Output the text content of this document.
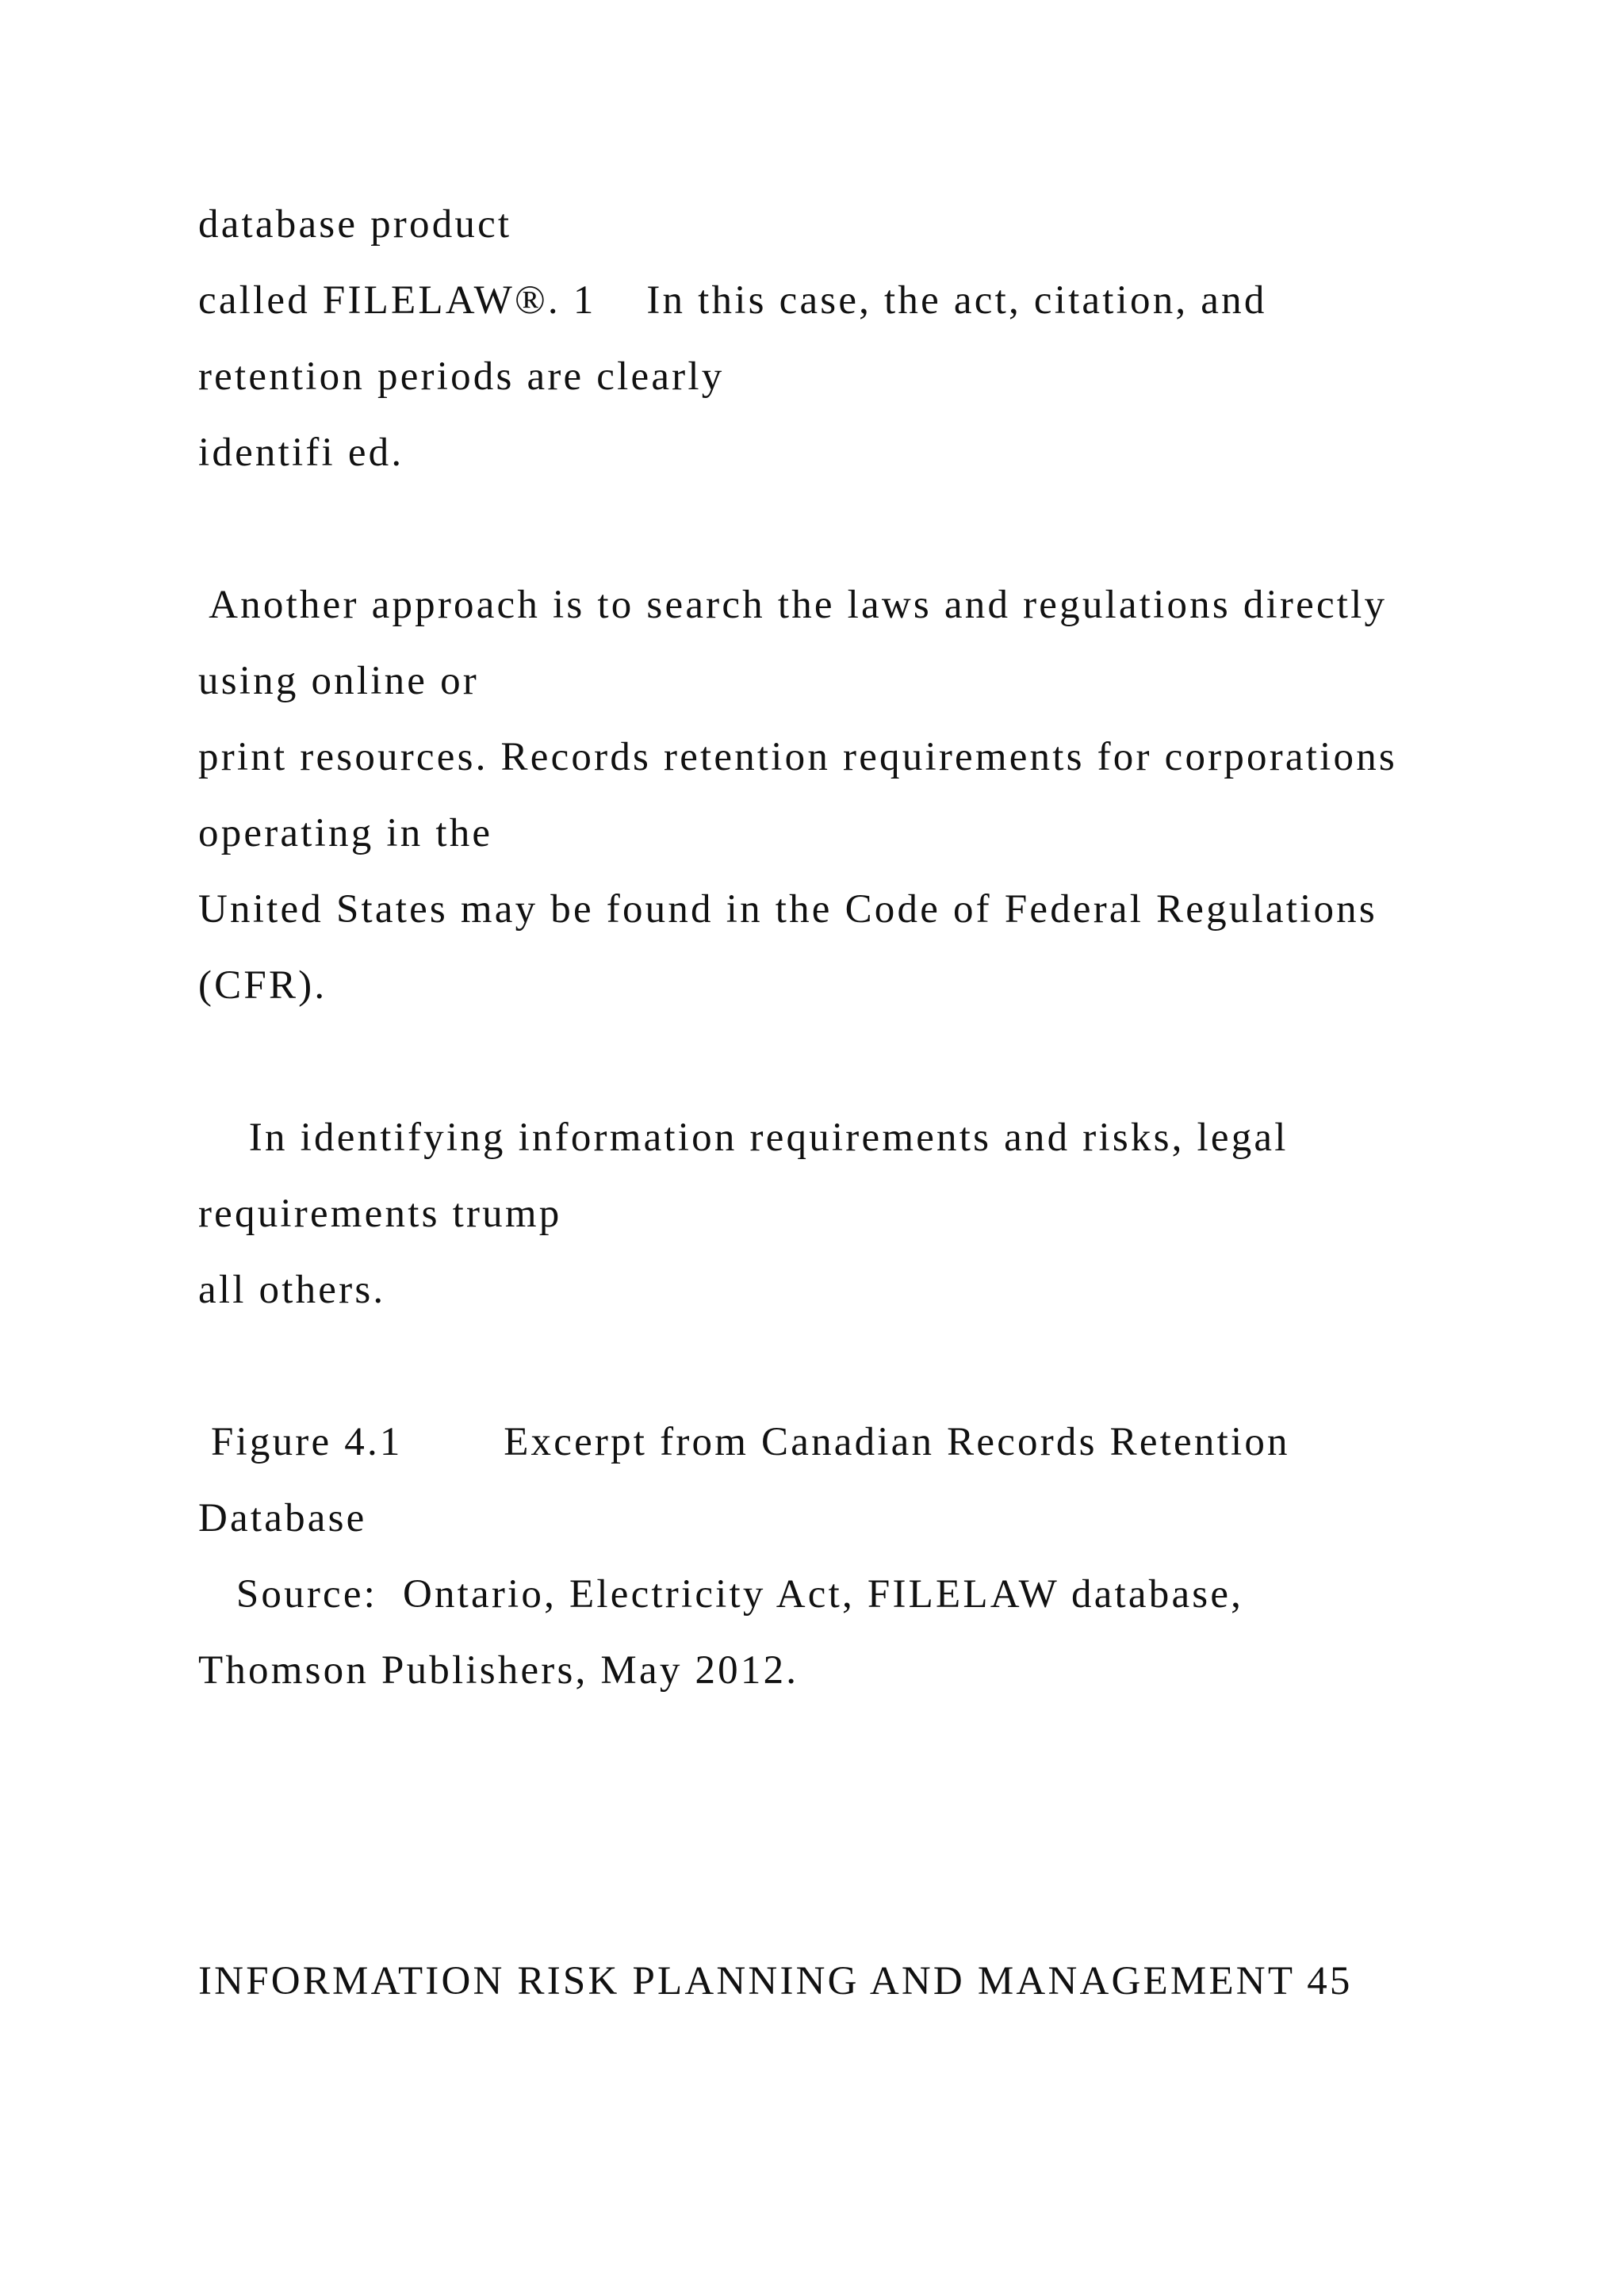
database product
called FILELAW®. 1    In this case, the act, citation, and
retention periods are clearly
identifi ed.
Another approach is to search the laws and regulations directly
using online or
print resources. Records retention requirements for corporations
operating in the
United States may be found in the Code of Federal Regulations
(CFR).
In identifying information requirements and risks, legal
requirements trump
all others.
Figure 4.1        Excerpt from Canadian Records Retention
Database
Source:  Ontario, Electricity Act, FILELAW database,
Thomson Publishers, May 2012.
INFORMATION RISK PLANNING AND MANAGEMENT 45
